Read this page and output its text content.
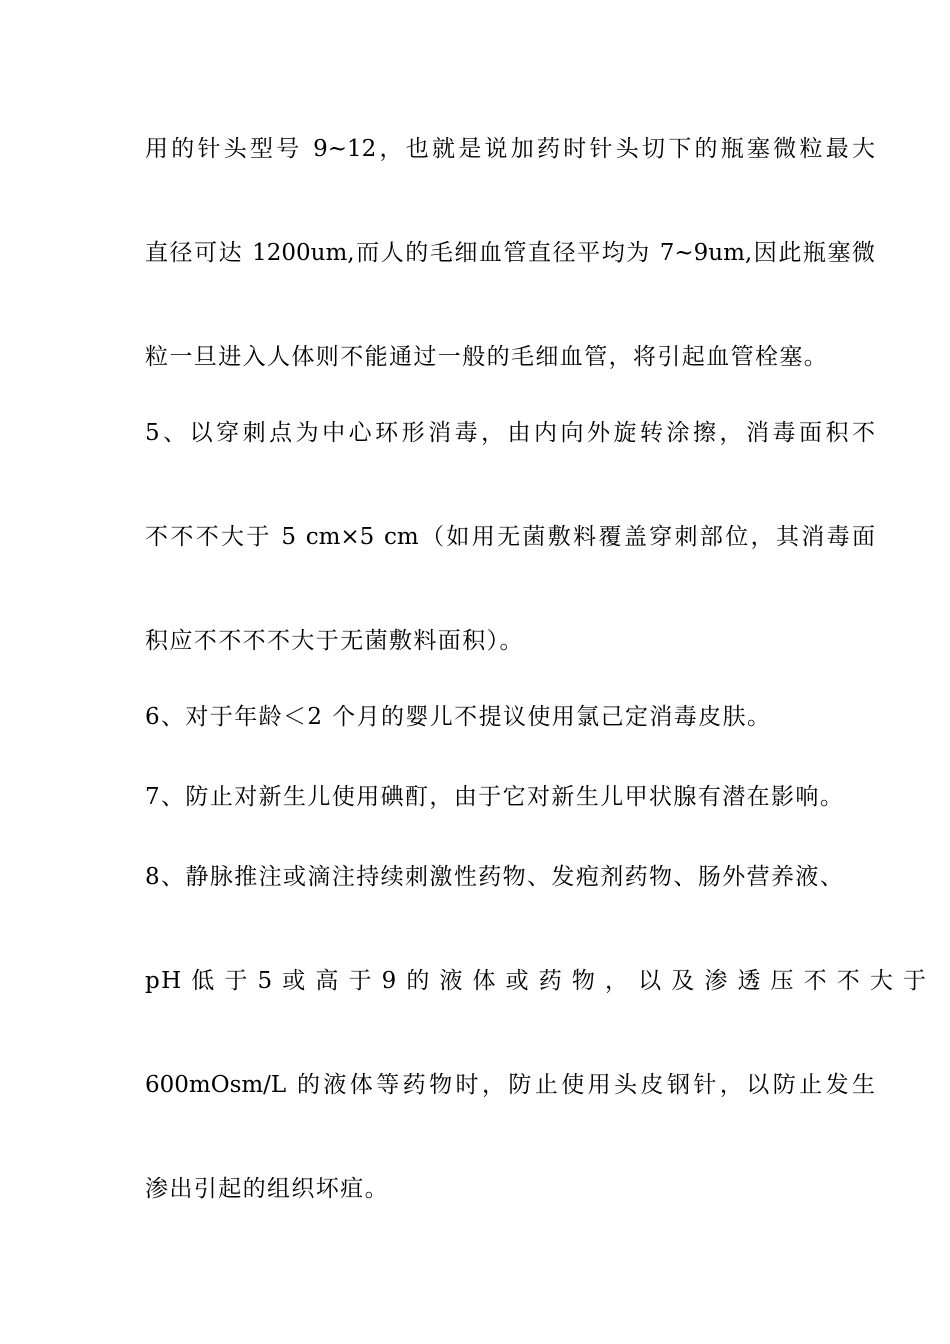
用的针头型号 9~12，也就是说加药时针头切下的瓶塞微粒最大
直径可达 1200um,而人的毛细血管直径平均为 7~9um,因此瓶塞微
粒一旦进入人体则不能通过一般的毛细血管，将引起血管栓塞。
5、以穿刺点为中心环形消毒，由内向外旋转涂擦，消毒面积不
不不不大于 5 cm×5 cm（如用无菌敷料覆盖穿刺部位，其消毒面
积应不不不不大于无菌敷料面积）。
6、对于年龄＜2 个月的婴儿不提议使用氯己定消毒皮肤。
7、防止对新生儿使用碘酊，由于它对新生儿甲状腺有潜在影响。
8、静脉推注或滴注持续刺激性药物、发疱剂药物、肠外营养液、
pH 低 于 5 或 高 于 9 的 液 体 或 药 物 ， 以 及 渗 透 压 不 不 大 于
600mOsm/L 的液体等药物时，防止使用头皮钢针，以防止发生
渗出引起的组织坏疽。
